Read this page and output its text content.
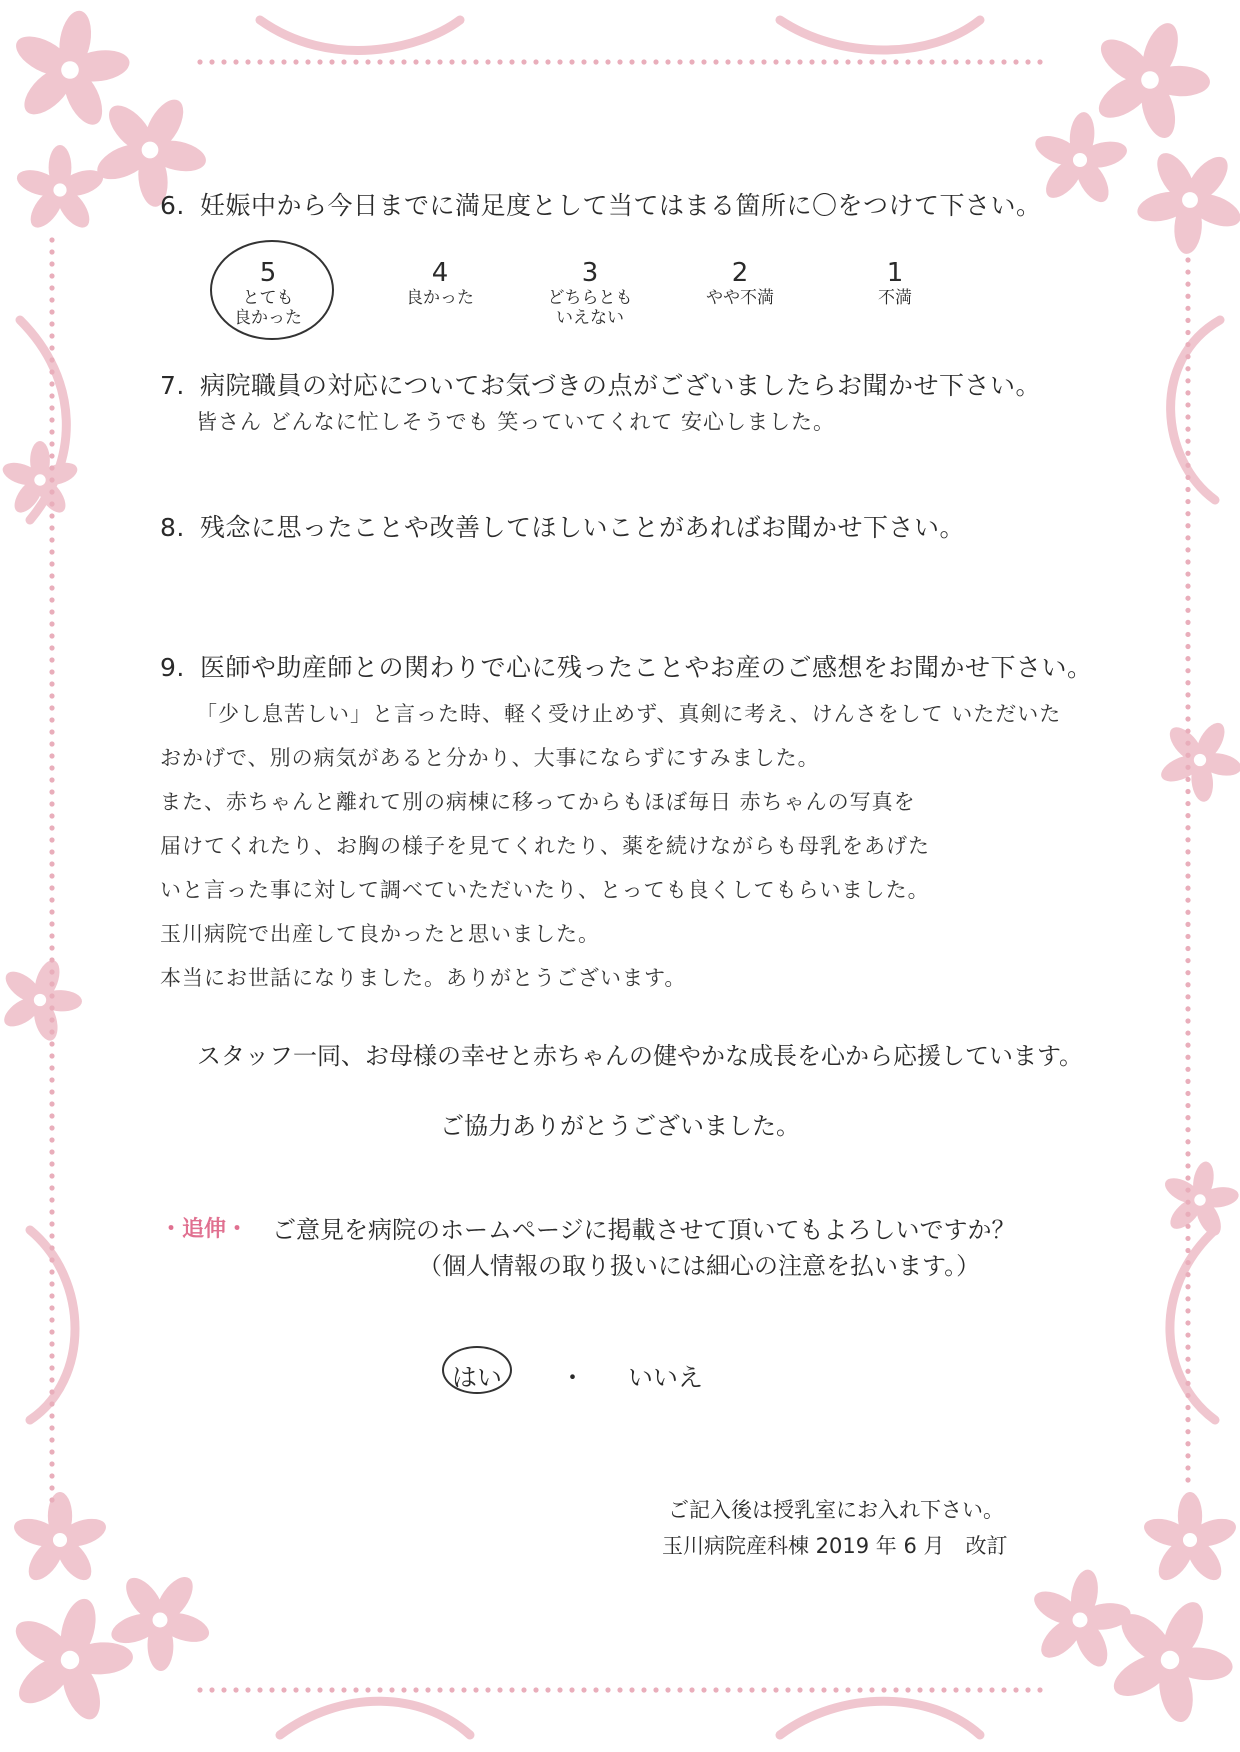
6. 妊娠中から今日までに満足度として当てはまる箇所に〇をつけて下さい。
5
とても
良かった
4
良かった
3
どちらとも
いえない
2
やや不満
1
不満
7. 病院職員の対応についてお気づきの点がございましたらお聞かせ下さい。
皆さん どんなに忙しそうでも 笑っていてくれて 安心しました。
8. 残念に思ったことや改善してほしいことがあればお聞かせ下さい。
9. 医師や助産師との関わりで心に残ったことやお産のご感想をお聞かせ下さい。
「少し息苦しい」と言った時、軽く受け止めず、真剣に考え、けんさをして いただいた
おかげで、別の病気があると分かり、大事にならずにすみました。
また、赤ちゃんと離れて別の病棟に移ってからもほぼ毎日 赤ちゃんの写真を
届けてくれたり、お胸の様子を見てくれたり、薬を続けながらも母乳をあげた
いと言った事に対して調べていただいたり、とっても良くしてもらいました。
玉川病院で出産して良かったと思いました。
本当にお世話になりました。ありがとうございます。
スタッフ一同、お母様の幸せと赤ちゃんの健やかな成長を心から応援しています。
ご協力ありがとうございました。
・追伸・ ご意見を病院のホームページに掲載させて頂いてもよろしいですか？
（個人情報の取り扱いには細心の注意を払います。）
はい ・ いいえ
ご記入後は授乳室にお入れ下さい。
玉川病院産科棟 2019 年 6 月　改訂
